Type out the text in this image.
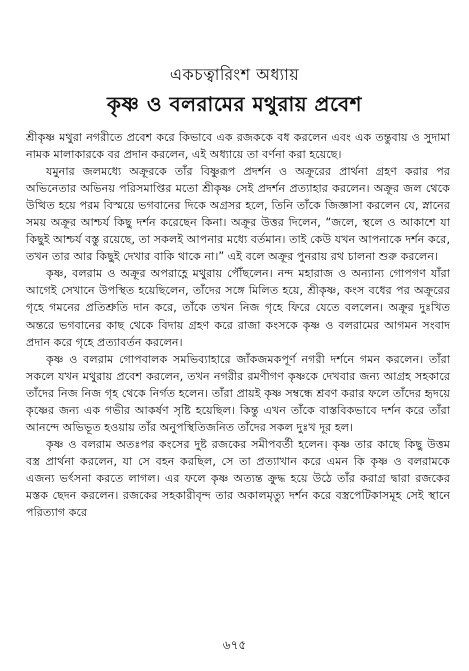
একচত্বারিংশ অধ্যায়
কৃষ্ণ ও বলরামের মথুরায় প্রবেশ

শ্রীকৃষ্ণ মথুরা নগরীতে প্রবেশ করে কিভাবে এক রজককে বধ করলেন এবং এক তন্তুবায় ও সুদামা নামক মালাকারকে বর প্রদান করলেন, এই অধ্যায়ে তা বর্ণনা করা হয়েছে।

যমুনার জলমধ্যে অক্রূরকে তাঁর বিষ্ণুরূপ প্রদর্শন ও অক্রূরের প্রার্থনা গ্রহণ করার পর অভিনেতার অভিনয় পরিসমাপ্তির মতো শ্রীকৃষ্ণ সেই প্রদর্শন প্রত্যাহার করলেন। অক্রূর জল থেকে উত্থিত হয়ে পরম বিস্ময়ে ভগবানের দিকে অগ্রসর হলে, তিনি তাঁকে জিজ্ঞাসা করলেন যে, স্নানের সময় অক্রূর আশ্চর্য কিছু দর্শন করেছেন কিনা। অক্রূর উত্তর দিলেন, “জলে, স্থলে ও আকাশে যা কিছুই আশ্চর্য বস্তু রয়েছে, তা সকলই আপনার মধ্যে বর্তমান। তাই কেউ যখন আপনাকে দর্শন করে, তখন তার আর কিছুই দেখার বাকি থাকে না।” এই বলে অক্রূর পুনরায় রথ চালনা শুরু করলেন।

কৃষ্ণ, বলরাম ও অক্রূর অপরাহ্ণে মথুরায় পৌঁছলেন। নন্দ মহারাজ ও অন্যান্য গোপগণ যাঁরা আগেই সেখানে উপস্থিত হয়েছিলেন, তাঁদের সঙ্গে মিলিত হয়ে, শ্রীকৃষ্ণ, কংস বধের পর অক্রূরের গৃহে গমনের প্রতিশ্রুতি দান করে, তাঁকে তখন নিজ গৃহে ফিরে যেতে বললেন। অক্রূর দুঃখিত অন্তরে ভগবানের কাছ থেকে বিদায় গ্রহণ করে রাজা কংসকে কৃষ্ণ ও বলরামের আগমন সংবাদ প্রদান করে গৃহে প্রত্যাবর্তন করলেন।

কৃষ্ণ ও বলরাম গোপবালক সমভিব্যাহারে জাঁকজমকপূর্ণ নগরী দর্শনে গমন করলেন। তাঁরা সকলে যখন মথুরায় প্রবেশ করলেন, তখন নগরীর রমণীগণ কৃষ্ণকে দেখবার জন্য আগ্রহ সহকারে তাঁদের নিজ নিজ গৃহ থেকে নির্গত হলেন। তাঁরা প্রায়ই কৃষ্ণ সম্বন্ধে শ্রবণ করার ফলে তাঁদের হৃদয়ে কৃষ্ণের জন্য এক গভীর আকর্ষণ সৃষ্টি হয়েছিল। কিন্তু এখন তাঁকে বাস্তবিকভাবে দর্শন করে তাঁরা আনন্দে অভিভূত হওয়ায় তাঁর অনুপস্থিতিজনিত তাঁদের সকল দুঃখ দূর হল।

কৃষ্ণ ও বলরাম অতঃপর কংসের দুষ্ট রজকের সমীপবর্তী হলেন। কৃষ্ণ তার কাছে কিছু উত্তম বস্ত্র প্রার্থনা করলেন, যা সে বহন করছিল, সে তা প্রত্যাখান করে এমন কি কৃষ্ণ ও বলরামকে এজন্য ভর্ৎসনা করতে লাগল। এর ফলে কৃষ্ণ অত্যন্ত ক্রুদ্ধ হয়ে উঠে তাঁর করাগ্র দ্বারা রজকের মস্তক ছেদন করলেন। রজকের সহকারীবৃন্দ তার অকালমৃত্যু দর্শন করে বস্ত্রপেটিকাসমূহ সেই স্থানে পরিত্যাগ করে

৬৭৫
